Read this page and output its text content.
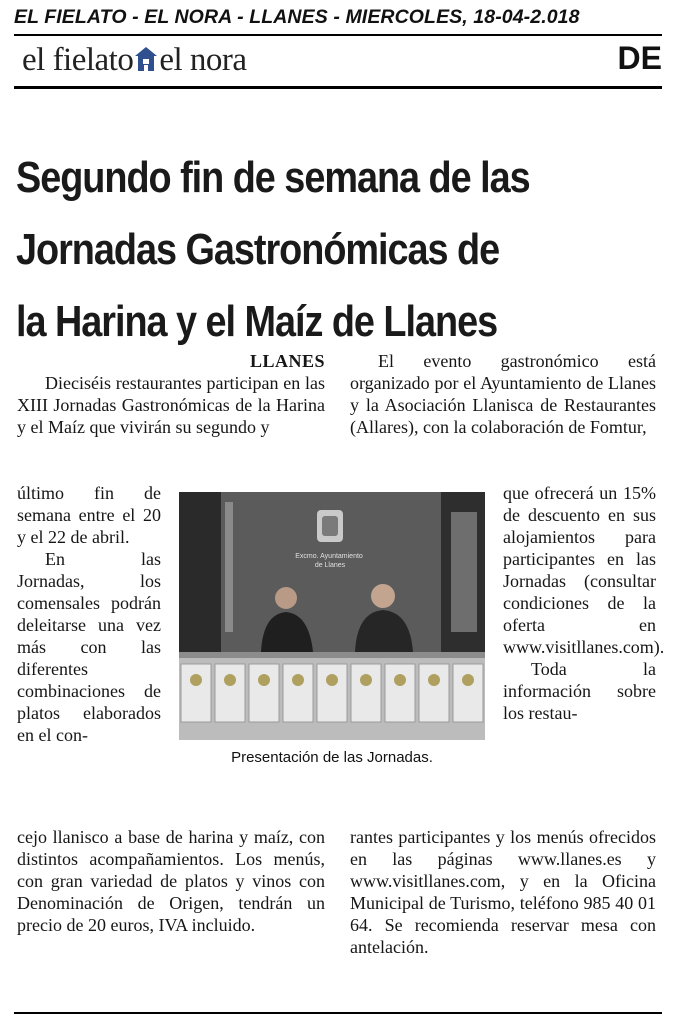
EL FIELATO - EL NORA - LLANES - MIERCOLES, 18-04-2.018
el fielato el nora	DE
Segundo fin de semana de las
Jornadas Gastronómicas de
la Harina y el Maíz de Llanes

LLANES

Dieciséis restaurantes participan en las XIII Jornadas Gastronómicas de la Harina y el Maíz que vivirán su segundo y

último fin de semana entre el 20 y el 22 de abril.

En las Jornadas, los comensales podrán deleitarse una vez más con las diferentes combinaciones de platos elaborados en el con-

cejo llanisco a base de harina y maíz, con distintos acompañamientos. Los menús, con gran variedad de platos y vinos con Denominación de Origen, tendrán un precio de 20 euros, IVA incluido.

El evento gastronómico está organizado por el Ayuntamiento de Llanes y la Asociación Llanisca de Restaurantes (Allares), con la colaboración de Fomtur,

que ofrecerá un 15% de descuento en sus alojamientos para participantes en las Jornadas (consultar condiciones de la oferta en www.visitllanes.com).

Toda la información sobre los restau-

rantes participantes y los menús ofrecidos en las páginas www.llanes.es y www.visitllanes.com, y en la Oficina Municipal de Turismo, teléfono 985 40 01 64. Se recomienda reservar mesa con antelación.

Excmo. Ayuntamiento de Llanes
Presentación de las Jornadas.
